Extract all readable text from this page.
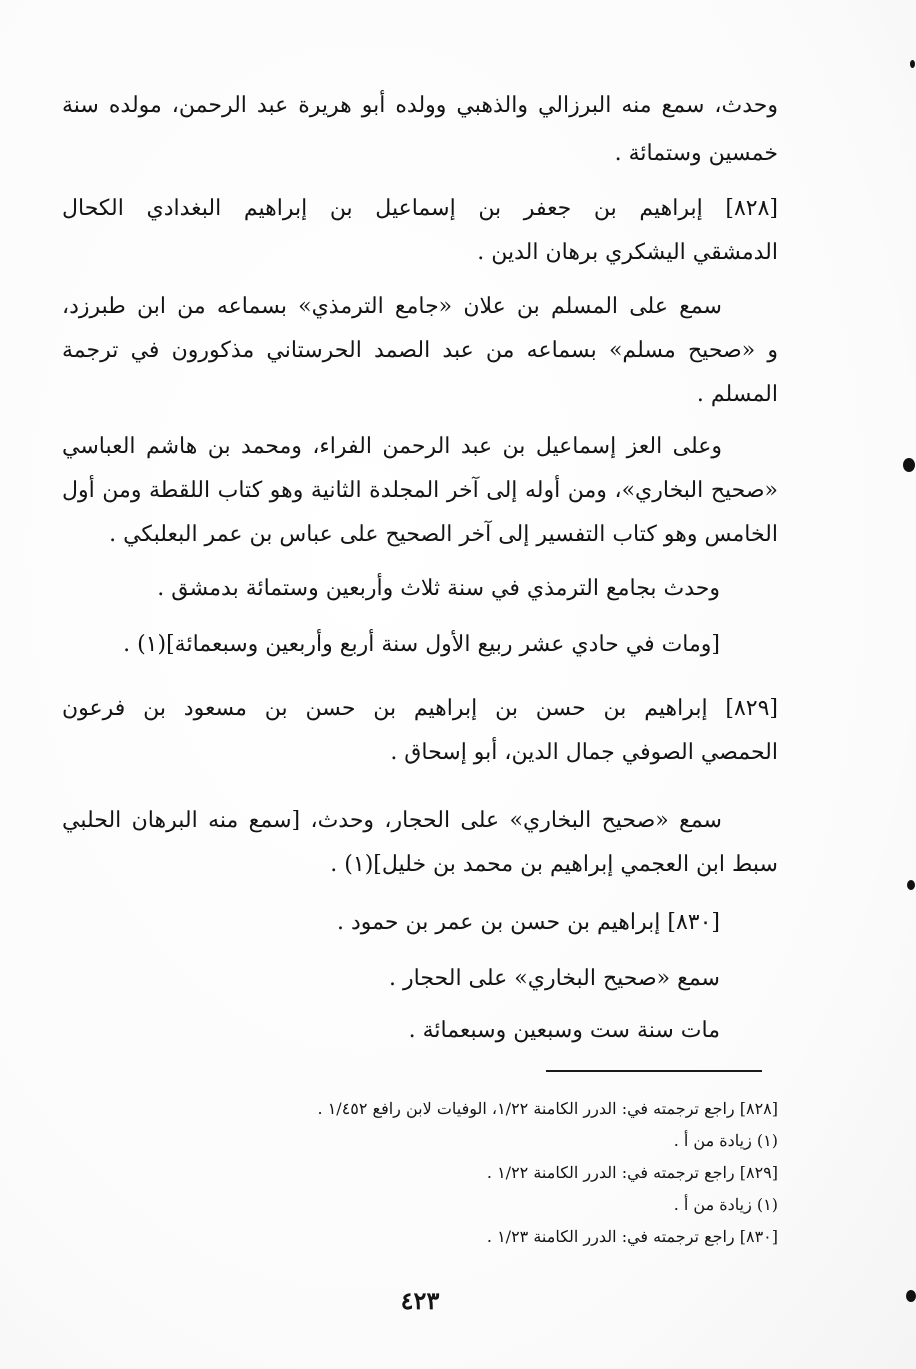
وحدث، سمع منه البرزالي والذهبي وولده أبو هريرة عبد الرحمن، مولده سنة
خمسين وستمائة .
[٨٢٨] إبراهيم بن جعفر بن إسماعيل بن إبراهيم البغدادي الكحال
الدمشقي اليشكري برهان الدين .
سمع على المسلم بن علان «جامع الترمذي» بسماعه من ابن طبرزد،
و «صحيح مسلم» بسماعه من عبد الصمد الحرستاني مذكورون في ترجمة
المسلم .
وعلى العز إسماعيل بن عبد الرحمن الفراء، ومحمد بن هاشم العباسي
«صحيح البخاري»، ومن أوله إلى آخر المجلدة الثانية وهو كتاب اللقطة ومن أول
الخامس وهو كتاب التفسير إلى آخر الصحيح على عباس بن عمر البعلبكي .
وحدث بجامع الترمذي في سنة ثلاث وأربعين وستمائة بدمشق .
[ومات في حادي عشر ربيع الأول سنة أربع وأربعين وسبعمائة](١) .
[٨٢٩] إبراهيم بن حسن بن إبراهيم بن حسن بن مسعود بن فرعون
الحمصي الصوفي جمال الدين، أبو إسحاق .
سمع «صحيح البخاري» على الحجار، وحدث، [سمع منه البرهان الحلبي
سبط ابن العجمي إبراهيم بن محمد بن خليل](١) .
[٨٣٠] إبراهيم بن حسن بن عمر بن حمود .
سمع «صحيح البخاري» على الحجار .
مات سنة ست وسبعين وسبعمائة .
[٨٢٨] راجع ترجمته في: الدرر الكامنة ١/٢٢، الوفيات لابن رافع ١/٤٥٢ .
(١) زيادة من أ .
[٨٢٩] راجع ترجمته في: الدرر الكامنة ١/٢٢ .
(١) زيادة من أ .
[٨٣٠] راجع ترجمته في: الدرر الكامنة ١/٢٣ .
٤٢٣
